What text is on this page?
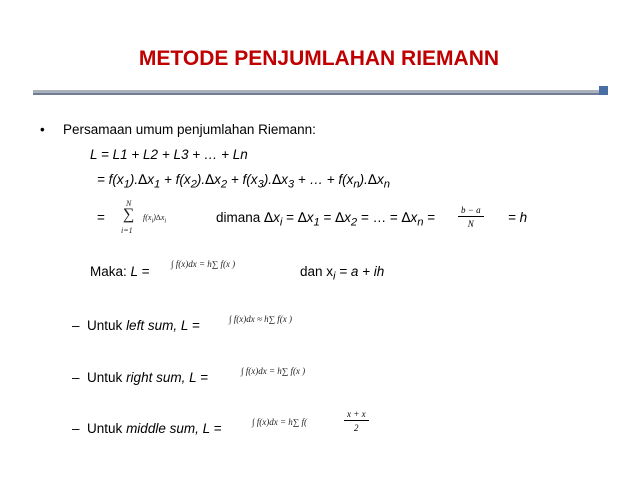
METODE PENJUMLAHAN RIEMANN
• Persamaan umum penjumlahan Riemann:
L = L1 + L2 + L3 + … + Ln
= $f(x_1).\Delta x_1 + f(x_2).\Delta x_2 + f(x_3).\Delta x_3$ + … + $f(x_n).\Delta x_n$
=
N
∑
i=1
$f(x_i)\Delta x_i$	dimana $\Delta x_i = \Delta x_1 = \Delta x_2$ = … = $\Delta x_n$ =	$\frac{b - a}{N} = h$
Maka: L = ∫ f(x)dx = h∑ f(x )	dan $x_i = a$ + ih
– Untuk left sum, L =	∫ f(x)dx ≈ h∑ f(x )
– Untuk right sum, L =	∫ f(x)dx = h∑ f(x )
– Untuk middle sum, L =	∫ f(x)dx = h∑ f(	$\frac{x + x}{2}$
